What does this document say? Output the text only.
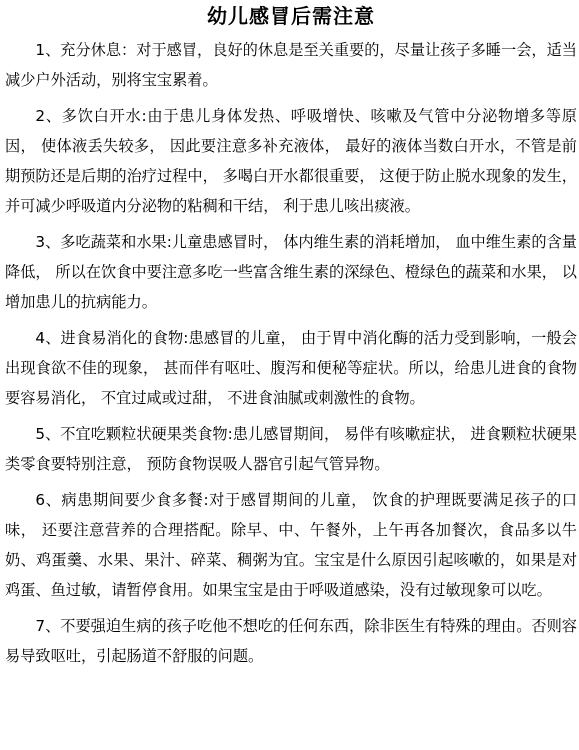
幼儿感冒后需注意

1、充分休息：对于感冒，良好的休息是至关重要的，尽量让孩子多睡一会，适当减少户外活动，别将宝宝累着。

2、多饮白开水:由于患儿身体发热、呼吸增快、咳嗽及气管中分泌物增多等原因， 使体液丢失较多， 因此要注意多补充液体， 最好的液体当数白开水，不管是前期预防还是后期的治疗过程中， 多喝白开水都很重要， 这便于防止脱水现象的发生， 并可减少呼吸道内分泌物的粘稠和干结， 利于患儿咳出痰液。

3、多吃蔬菜和水果:儿童患感冒时， 体内维生素的消耗增加， 血中维生素的含量降低， 所以在饮食中要注意多吃一些富含维生素的深绿色、橙绿色的蔬菜和水果， 以增加患儿的抗病能力。

4、进食易消化的食物:患感冒的儿童， 由于胃中消化酶的活力受到影响，一般会出现食欲不佳的现象， 甚而伴有呕吐、腹泻和便秘等症状。所以，给患儿进食的食物要容易消化， 不宜过咸或过甜， 不进食油腻或刺激性的食物。

5、不宜吃颗粒状硬果类食物:患儿感冒期间， 易伴有咳嗽症状， 进食颗粒状硬果类零食要特别注意， 预防食物误吸人器官引起气管异物。

6、病患期间要少食多餐:对于感冒期间的儿童， 饮食的护理既要满足孩子的口味， 还要注意营养的合理搭配。除早、中、午餐外，上午再各加餐次，食品多以牛奶、鸡蛋羹、水果、果汁、碎菜、稠粥为宜。宝宝是什么原因引起咳嗽的，如果是对鸡蛋、鱼过敏，请暂停食用。如果宝宝是由于呼吸道感染，没有过敏现象可以吃。

7、不要强迫生病的孩子吃他不想吃的任何东西，除非医生有特殊的理由。否则容易导致呕吐，引起肠道不舒服的问题。
